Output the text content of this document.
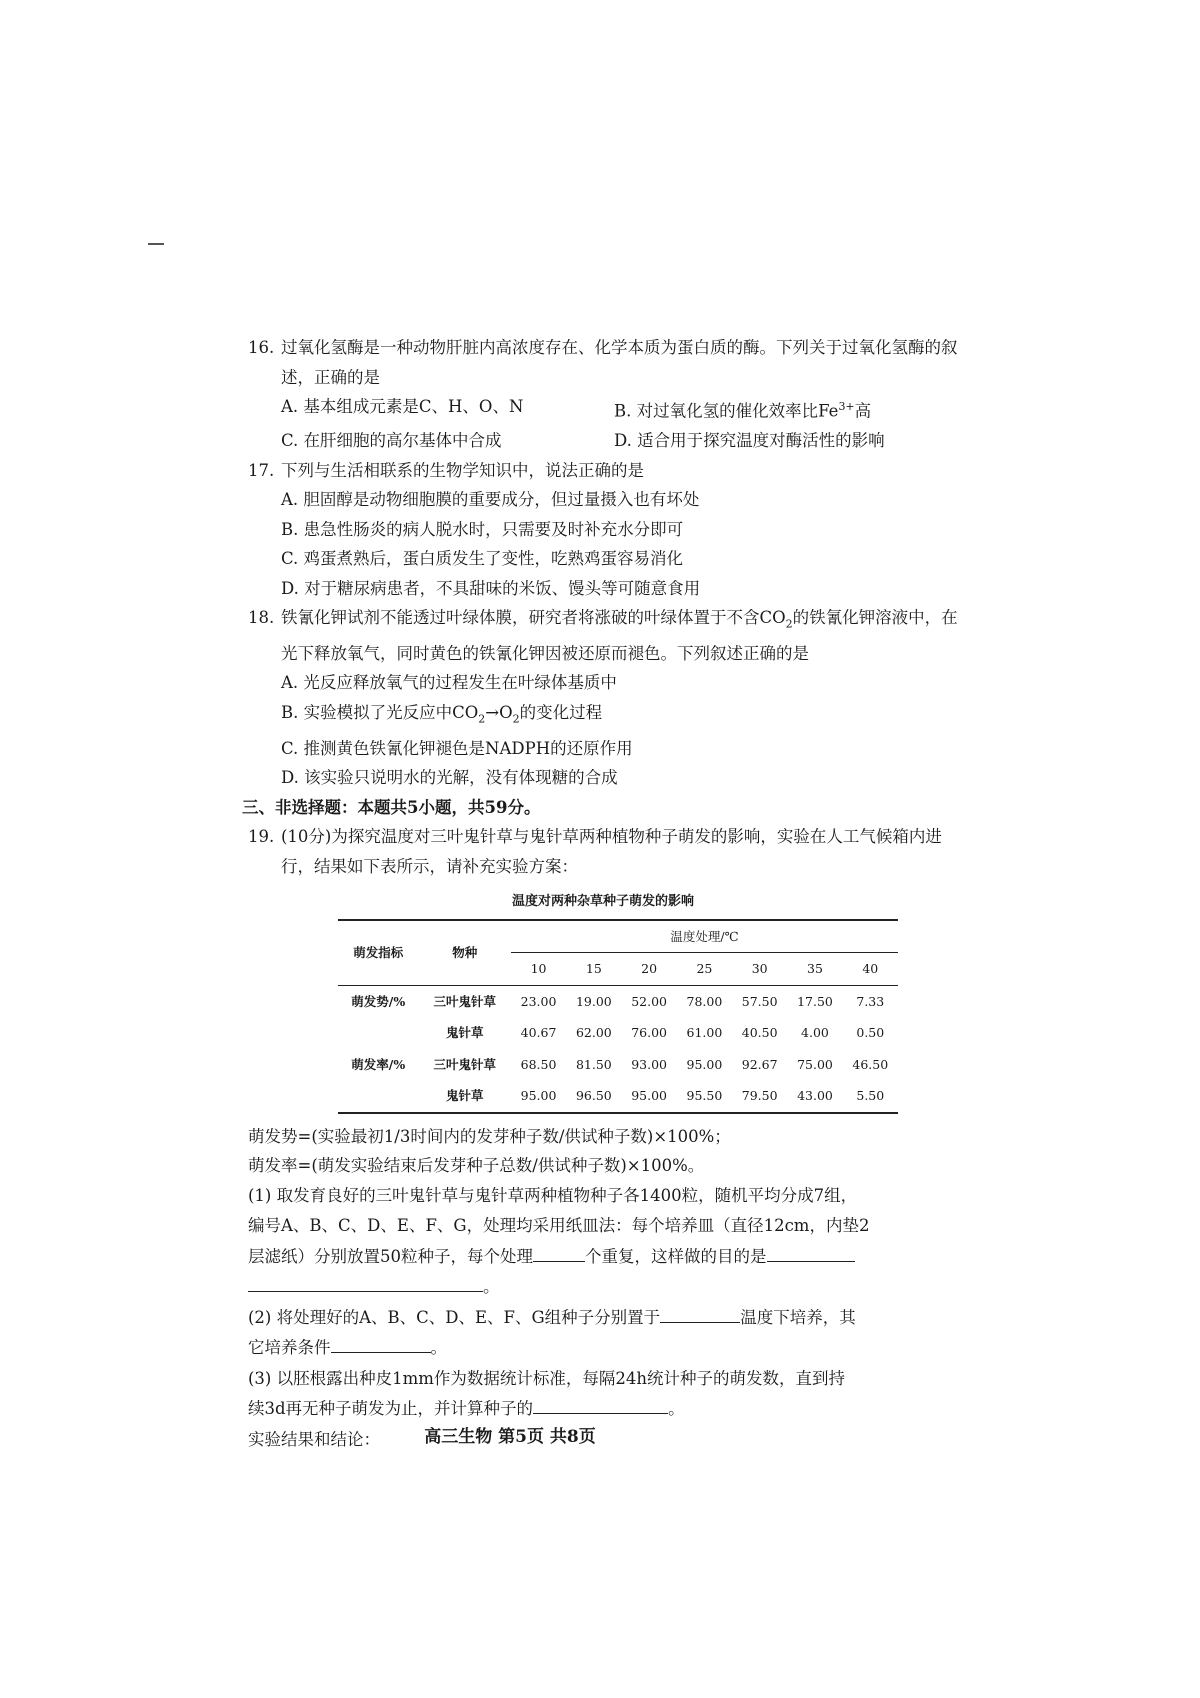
16. 过氧化氢酶是一种动物肝脏内高浓度存在、化学本质为蛋白质的酶。下列关于过氧化氢酶的叙述，正确的是
A. 基本组成元素是C、H、O、N	B. 对过氧化氢的催化效率比$Fe^{3+}$高
C. 在肝细胞的高尔基体中合成	D. 适合用于探究温度对酶活性的影响
17. 下列与生活相联系的生物学知识中，说法正确的是
A. 胆固醇是动物细胞膜的重要成分，但过量摄入也有坏处
B. 患急性肠炎的病人脱水时，只需要及时补充水分即可
C. 鸡蛋煮熟后，蛋白质发生了变性，吃熟鸡蛋容易消化
D. 对于糖尿病患者，不具甜味的米饭、馒头等可随意食用
18. 铁氰化钾试剂不能透过叶绿体膜，研究者将涨破的叶绿体置于不含$CO_2$的铁氰化钾溶液中，在光下释放氧气，同时黄色的铁氰化钾因被还原而褪色。下列叙述正确的是
A. 光反应释放氧气的过程发生在叶绿体基质中
B. 实验模拟了光反应中$CO_2\to O_2$的变化过程
C. 推测黄色铁氰化钾褪色是NADPH的还原作用
D. 该实验只说明水的光解，没有体现糖的合成
三、非选择题：本题共5小题，共59分。
19. (10分)为探究温度对三叶鬼针草与鬼针草两种植物种子萌发的影响，实验在人工气候箱内进行，结果如下表所示，请补充实验方案：
温度对两种杂草种子萌发的影响
萌发指标	物种	温度处理/℃						
		10	15	20	25	30	35	40
萌发势/%	三叶鬼针草	23.00	19.00	52.00	78.00	57.50	17.50	7.33
	鬼针草	40.67	62.00	76.00	61.00	40.50	4.00	0.50
萌发率/%	三叶鬼针草	68.50	81.50	93.00	95.00	92.67	75.00	46.50
	鬼针草	95.00	96.50	95.00	95.50	79.50	43.00	5.50
萌发势=(实验最初1/3时间内的发芽种子数/供试种子数)×100%；
萌发率=(萌发实验结束后发芽种子总数/供试种子数)×100%。
(1) 取发育良好的三叶鬼针草与鬼针草两种植物种子各1400粒，随机平均分成7组，
编号A、B、C、D、E、F、G，处理均采用纸皿法：每个培养皿（直径12cm，内垫2
层滤纸）分别放置50粒种子，每个处理	个重复，这样做的目的是
。
(2) 将处理好的A、B、C、D、E、F、G组种子分别置于	温度下培养，其
它培养条件	。
(3) 以胚根露出种皮1mm作为数据统计标准，每隔24h统计种子的萌发数，直到持
续3d再无种子萌发为止，并计算种子的	。
实验结果和结论：	高三生物 第5页 共8页
